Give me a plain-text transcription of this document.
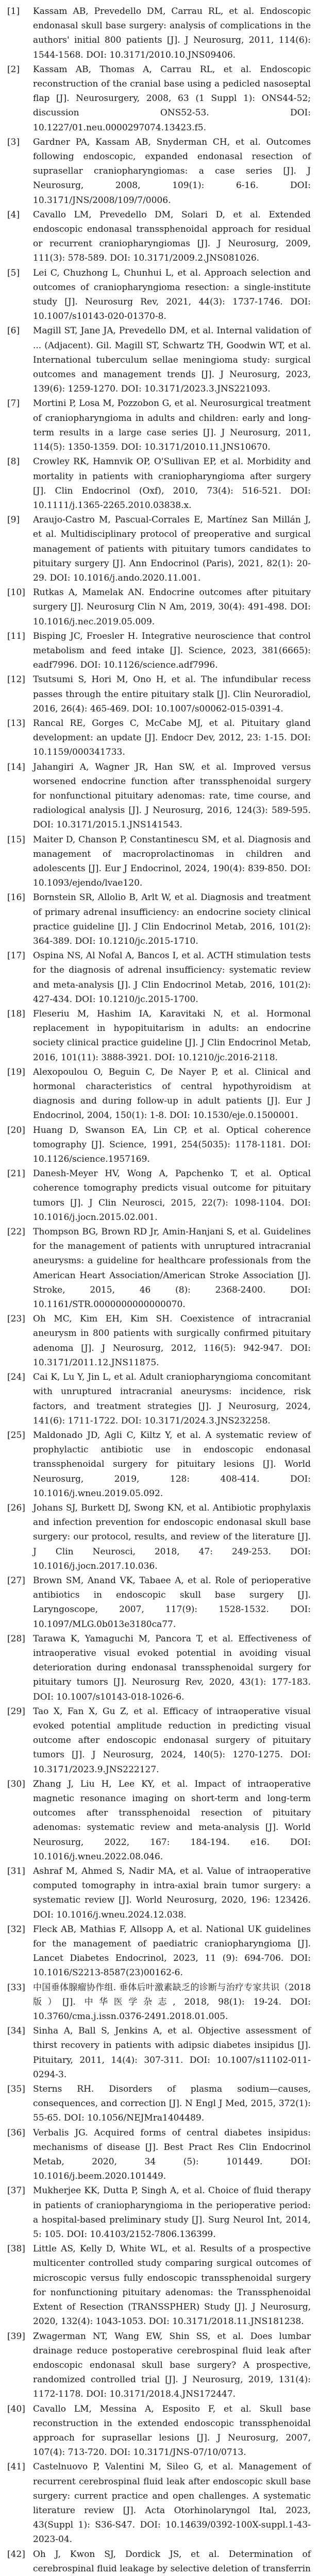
[1]	Kassam AB, Prevedello DM, Carrau RL, et al. Endoscopic endonasal skull base surgery: analysis of complications in the authors' initial 800 patients [J]. J Neurosurg, 2011, 114(6): 1544-1568. DOI: 10.3171/2010.10.JNS09406.
[2]	Kassam AB, Thomas A, Carrau RL, et al. Endoscopic reconstruction of the cranial base using a pedicled nasoseptal flap [J]. Neurosurgery, 2008, 63 (1 Suppl 1): ONS44-52; discussion ONS52-53. DOI: 10.1227/01.neu.0000297074.13423.f5.
[3]	Gardner PA, Kassam AB, Snyderman CH, et al. Outcomes following endoscopic, expanded endonasal resection of suprasellar craniopharyngiomas: a case series [J]. J Neurosurg, 2008, 109(1): 6-16. DOI: 10.3171/JNS/2008/109/7/0006.
[4]	Cavallo LM, Prevedello DM, Solari D, et al. Extended endoscopic endonasal transsphenoidal approach for residual or recurrent craniopharyngiomas [J]. J Neurosurg, 2009, 111(3): 578-589. DOI: 10.3171/2009.2.JNS081026.
[5]	Lei C, Chuzhong L, Chunhui L, et al. Approach selection and outcomes of craniopharyngioma resection: a single-institute study [J]. Neurosurg Rev, 2021, 44(3): 1737-1746. DOI: 10.1007/s10143-020-01370-8.
[6]	Magill ST, Jane JA, Prevedello DM, et al. Internal validation of ... (Adjacent). Gil. Magill ST, Schwartz TH, Goodwin WT, et al. International tuberculum sellae meningioma study: surgical outcomes and management trends [J]. J Neurosurg, 2023, 139(6): 1259-1270. DOI: 10.3171/2023.3.JNS221093.
[7]	Mortini P, Losa M, Pozzobon G, et al. Neurosurgical treatment of craniopharyngioma in adults and children: early and long-term results in a large case series [J]. J Neurosurg, 2011, 114(5): 1350-1359. DOI: 10.3171/2010.11.JNS10670.
[8]	Crowley RK, Hamnvik OP, O'Sullivan EP, et al. Morbidity and mortality in patients with craniopharyngioma after surgery [J]. Clin Endocrinol (Oxf), 2010, 73(4): 516-521. DOI: 10.1111/j.1365-2265.2010.03838.x.
[9]	Araujo-Castro M, Pascual-Corrales E, Martínez San Millán J, et al. Multidisciplinary protocol of preoperative and surgical management of patients with pituitary tumors candidates to pituitary surgery [J]. Ann Endocrinol (Paris), 2021, 82(1): 20-29. DOI: 10.1016/j.ando.2020.11.001.
[10] Rutkas A, Mamelak AN. Endocrine outcomes after pituitary surgery [J]. Neurosurg Clin N Am, 2019, 30(4): 491-498. DOI: 10.1016/j.nec.2019.05.009.
[11] Bisping JC, Froesler H. Integrative neuroscience that control metabolism and feed intake [J]. Science, 2023, 381(6665): eadf7996. DOI: 10.1126/science.adf7996.
[12] Tsutsumi S, Hori M, Ono H, et al. The infundibular recess passes through the entire pituitary stalk [J]. Clin Neuroradiol, 2016, 26(4): 465-469. DOI: 10.1007/s00062-015-0391-4.
[13] Rancal RE, Gorges C, McCabe MJ, et al. Pituitary gland development: an update [J]. Endocr Dev, 2012, 23: 1-15. DOI: 10.1159/000341733.
[14] Jahangiri A, Wagner JR, Han SW, et al. Improved versus worsened endocrine function after transsphenoidal surgery for nonfunctional pituitary adenomas: rate, time course, and radiological analysis [J]. J Neurosurg, 2016, 124(3): 589-595. DOI: 10.3171/2015.1.JNS141543.
[15] Maiter D, Chanson P, Constantinescu SM, et al. Diagnosis and management of macroprolactinomas in children and adolescents [J]. Eur J Endocrinol, 2024, 190(4): 839-850. DOI: 10.1093/ejendo/lvae120.
[16] Bornstein SR, Allolio B, Arlt W, et al. Diagnosis and treatment of primary adrenal insufficiency: an endocrine society clinical practice guideline [J]. J Clin Endocrinol Metab, 2016, 101(2): 364-389. DOI: 10.1210/jc.2015-1710.
[17] Ospina NS, Al Nofal A, Bancos I, et al. ACTH stimulation tests for the diagnosis of adrenal insufficiency: systematic review and meta-analysis [J]. J Clin Endocrinol Metab, 2016, 101(2): 427-434. DOI: 10.1210/jc.2015-1700.
[18] Fleseriu M, Hashim IA, Karavitaki N, et al. Hormonal replacement in hypopituitarism in adults: an endocrine society clinical practice guideline [J]. J Clin Endocrinol Metab, 2016, 101(11): 3888-3921. DOI: 10.1210/jc.2016-2118.
[19] Alexopoulou O, Beguin C, De Nayer P, et al. Clinical and hormonal characteristics of central hypothyroidism at diagnosis and during follow-up in adult patients [J]. Eur J Endocrinol, 2004, 150(1): 1-8. DOI: 10.1530/eje.0.1500001.
[20] Huang D, Swanson EA, Lin CP, et al. Optical coherence tomography [J]. Science, 1991, 254(5035): 1178-1181. DOI: 10.1126/science.1957169.
[21] Danesh-Meyer HV, Wong A, Papchenko T, et al. Optical coherence tomography predicts visual outcome for pituitary tumors [J]. J Clin Neurosci, 2015, 22(7): 1098-1104. DOI: 10.1016/j.jocn.2015.02.001.
[22] Thompson BG, Brown RD Jr, Amin-Hanjani S, et al. Guidelines for the management of patients with unruptured intracranial aneurysms: a guideline for healthcare professionals from the American Heart Association/American Stroke Association [J]. Stroke, 2015, 46 (8): 2368-2400. DOI: 10.1161/STR.0000000000000070.
[23] Oh MC, Kim EH, Kim SH. Coexistence of intracranial aneurysm in 800 patients with surgically confirmed pituitary adenoma [J]. J Neurosurg, 2012, 116(5): 942-947. DOI: 10.3171/2011.12.JNS11875.
[24] Cai K, Lu Y, Jin L, et al. Adult craniopharyngioma concomitant with unruptured intracranial aneurysms: incidence, risk factors, and treatment strategies [J]. J Neurosurg, 2024, 141(6): 1711-1722. DOI: 10.3171/2024.3.JNS232258.
[25] Maldonado JD, Agli C, Kiltz Y, et al. A systematic review of prophylactic antibiotic use in endoscopic endonasal transsphenoidal surgery for pituitary lesions [J]. World Neurosurg, 2019, 128: 408-414. DOI: 10.1016/j.wneu.2019.05.092.
[26] Johans SJ, Burkett DJ, Swong KN, et al. Antibiotic prophylaxis and infection prevention for endoscopic endonasal skull base surgery: our protocol, results, and review of the literature [J]. J Clin Neurosci, 2018, 47: 249-253. DOI: 10.1016/j.jocn.2017.10.036.
[27] Brown SM, Anand VK, Tabaee A, et al. Role of perioperative antibiotics in endoscopic skull base surgery [J]. Laryngoscope, 2007, 117(9): 1528-1532. DOI: 10.1097/MLG.0b013e3180ca77.
[28] Tarawa K, Yamaguchi M, Pancora T, et al. Effectiveness of intraoperative visual evoked potential in avoiding visual deterioration during endonasal transsphenoidal surgery for pituitary tumors [J]. Neurosurg Rev, 2020, 43(1): 177-183. DOI: 10.1007/s10143-018-1026-6.
[29] Tao X, Fan X, Gu Z, et al. Efficacy of intraoperative visual evoked potential amplitude reduction in predicting visual outcome after endoscopic endonasal surgery of pituitary tumors [J]. J Neurosurg, 2024, 140(5): 1270-1275. DOI: 10.3171/2023.9.JNS222127.
[30] Zhang J, Liu H, Lee KY, et al. Impact of intraoperative magnetic resonance imaging on short-term and long-term outcomes after transsphenoidal resection of pituitary adenomas: systematic review and meta-analysis [J]. World Neurosurg, 2022, 167: 184-194. e16. DOI: 10.1016/j.wneu.2022.08.046.
[31] Ashraf M, Ahmed S, Nadir MA, et al. Value of intraoperative computed tomography in intra-axial brain tumor surgery: a systematic review [J]. World Neurosurg, 2020, 196: 123426. DOI: 10.1016/j.wneu.2024.12.038.
[32] Fleck AB, Mathias F, Allsopp A, et al. National UK guidelines for the management of paediatric craniopharyngioma [J]. Lancet Diabetes Endocrinol, 2023, 11 (9): 694-706. DOI: 10.1016/S2213-8587(23)00162-6.
[33] 中国垂体腺瘤协作组. 垂体后叶激素缺乏的诊断与治疗专家共识（2018版）[J]. 中华医学杂志, 2018, 98(1): 19-24. DOI: 10.3760/cma.j.issn.0376-2491.2018.01.005.
[34] Sinha A, Ball S, Jenkins A, et al. Objective assessment of thirst recovery in patients with adipsic diabetes insipidus [J]. Pituitary, 2011, 14(4): 307-311. DOI: 10.1007/s11102-011-0294-3.
[35] Sterns RH. Disorders of plasma sodium—causes, consequences, and correction [J]. N Engl J Med, 2015, 372(1): 55-65. DOI: 10.1056/NEJMra1404489.
[36] Verbalis JG. Acquired forms of central diabetes insipidus: mechanisms of disease [J]. Best Pract Res Clin Endocrinol Metab, 2020, 34 (5): 101449. DOI: 10.1016/j.beem.2020.101449.
[37] Mukherjee KK, Dutta P, Singh A, et al. Choice of fluid therapy in patients of craniopharyngioma in the perioperative period: a hospital-based preliminary study [J]. Surg Neurol Int, 2014, 5: 105. DOI: 10.4103/2152-7806.136399.
[38] Little AS, Kelly D, White WL, et al. Results of a prospective multicenter controlled study comparing surgical outcomes of microscopic versus fully endoscopic transsphenoidal surgery for nonfunctioning pituitary adenomas: the Transsphenoidal Extent of Resection (TRANSSPHER) Study [J]. J Neurosurg, 2020, 132(4): 1043-1053. DOI: 10.3171/2018.11.JNS181238.
[39] Zwagerman NT, Wang EW, Shin SS, et al. Does lumbar drainage reduce postoperative cerebrospinal fluid leak after endoscopic endonasal skull base surgery? A prospective, randomized controlled trial [J]. J Neurosurg, 2019, 131(4): 1172-1178. DOI: 10.3171/2018.4.JNS172447.
[40] Cavallo LM, Messina A, Esposito F, et al. Skull base reconstruction in the extended endoscopic transsphenoidal approach for suprasellar lesions [J]. J Neurosurg, 2007, 107(4): 713-720. DOI: 10.3171/JNS-07/10/0713.
[41] Castelnuovo P, Valentini M, Sileo G, et al. Management of recurrent cerebrospinal fluid leak after endoscopic skull base surgery: current practice and open challenges. A systematic literature review [J]. Acta Otorhinolaryngol Ital, 2023, 43(Suppl 1): S36-S47. DOI: 10.14639/0392-100X-suppl.1-43-2023-04.
[42] Oh J, Kwon SJ, Dordick JS, et al. Determination of cerebrospinal fluid leakage by selective deletion of transferrin
